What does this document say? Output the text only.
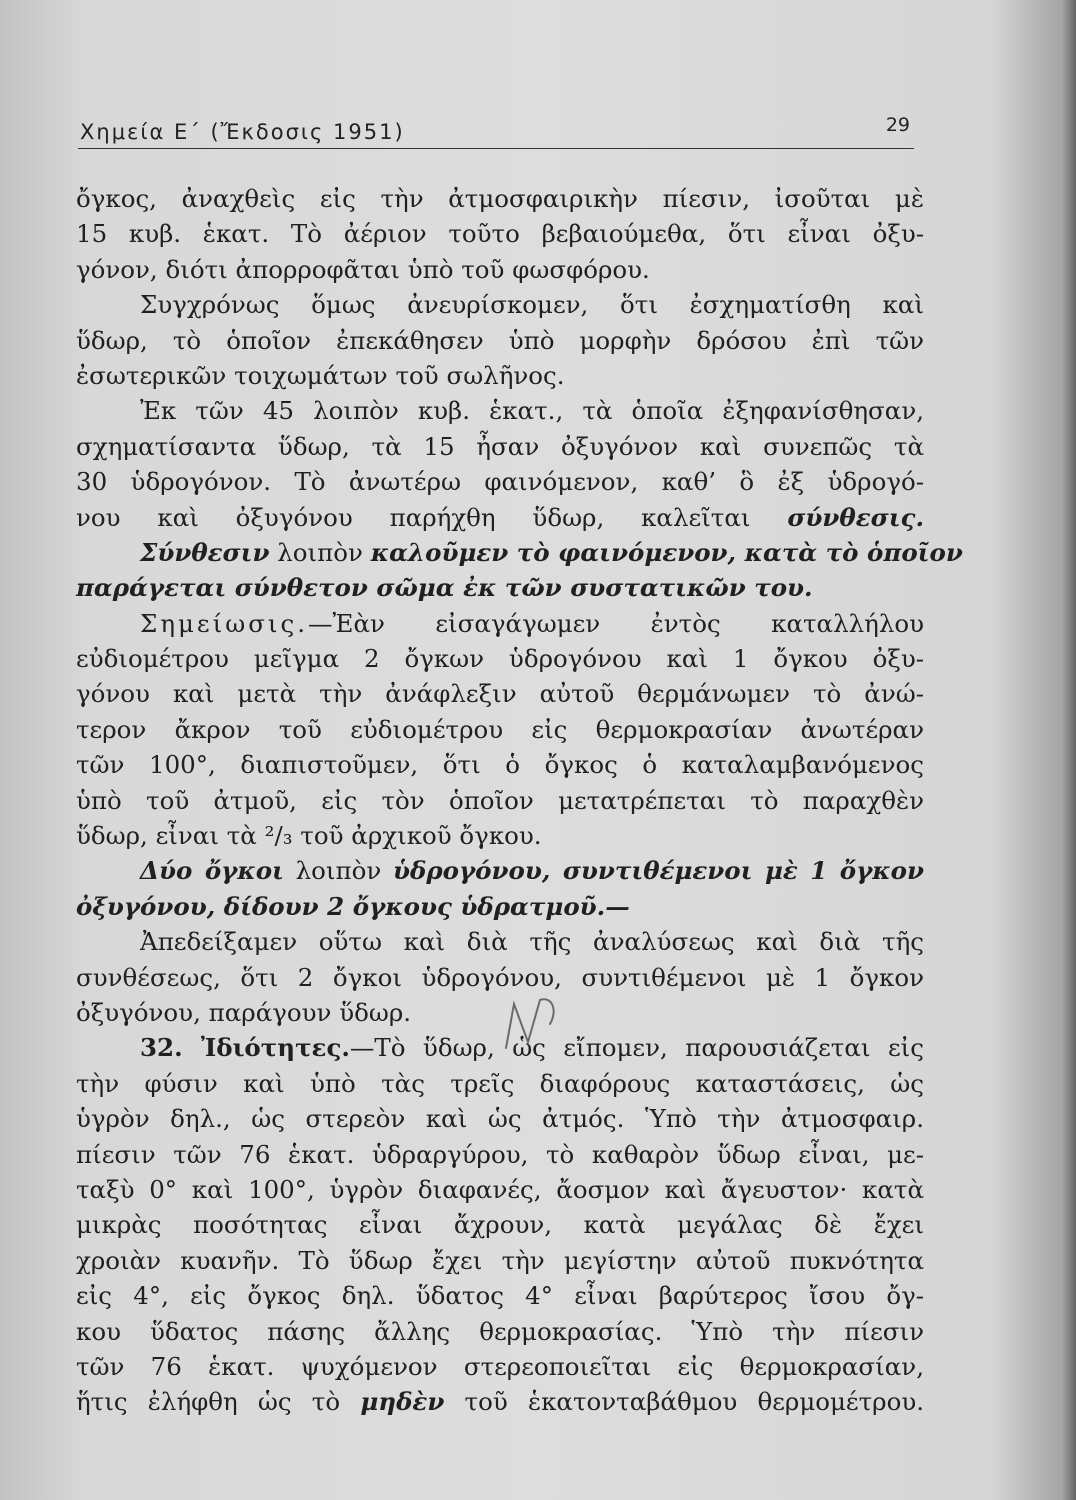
Χημεία Ε΄ (Ἔκδοσις 1951)	29
ὄγκος, ἀναχθεὶς εἰς τὴν ἀτμοσφαιρικὴν πίεσιν, ἰσοῦται μὲ
15 κυβ. ἑκατ. Τὸ ἀέριον τοῦτο βεβαιούμεθα, ὅτι εἶναι ὀξυ-
γόνον, διότι ἀπορροφᾶται ὑπὸ τοῦ φωσφόρου.
Συγχρόνως ὅμως ἀνευρίσκομεν, ὅτι ἐσχηματίσθη καὶ
ὕδωρ, τὸ ὁποῖον ἐπεκάθησεν ὑπὸ μορφὴν δρόσου ἐπὶ τῶν
ἐσωτερικῶν τοιχωμάτων τοῦ σωλῆνος.
Ἐκ τῶν 45 λοιπὸν κυβ. ἑκατ., τὰ ὁποῖα ἐξηφανίσθησαν,
σχηματίσαντα ὕδωρ, τὰ 15 ἦσαν ὀξυγόνον καὶ συνεπῶς τὰ
30 ὑδρογόνον. Τὸ ἀνωτέρω φαινόμενον, καθ’ ὃ ἐξ ὑδρογό-
νου καὶ ὀξυγόνου παρήχθη ὕδωρ, καλεῖται σύνθεσις.
Σύνθεσιν λοιπὸν καλοῦμεν τὸ φαινόμενον, κατὰ τὸ ὁποῖον
παράγεται σύνθετον σῶμα ἐκ τῶν συστατικῶν του.
Σημείωσις.—Ἐὰν εἰσαγάγωμεν ἐντὸς καταλλήλου
εὐδιομέτρου μεῖγμα 2 ὄγκων ὑδρογόνου καὶ 1 ὄγκου ὀξυ-
γόνου καὶ μετὰ τὴν ἀνάφλεξιν αὐτοῦ θερμάνωμεν τὸ ἀνώ-
τερον ἄκρον τοῦ εὐδιομέτρου εἰς θερμοκρασίαν ἀνωτέραν
τῶν 100°, διαπιστοῦμεν, ὅτι ὁ ὄγκος ὁ καταλαμβανόμενος
ὑπὸ τοῦ ἀτμοῦ, εἰς τὸν ὁποῖον μετατρέπεται τὸ παραχθὲν
ὕδωρ, εἶναι τὰ ²/₃ τοῦ ἀρχικοῦ ὄγκου.
Δύο ὄγκοι λοιπὸν ὑδρογόνου, συντιθέμενοι μὲ 1 ὄγκον
ὀξυγόνου, δίδουν 2 ὄγκους ὑδρατμοῦ.—
Ἀπεδείξαμεν οὕτω καὶ διὰ τῆς ἀναλύσεως καὶ διὰ τῆς
συνθέσεως, ὅτι 2 ὄγκοι ὑδρογόνου, συντιθέμενοι μὲ 1 ὄγκον
ὀξυγόνου, παράγουν ὕδωρ.
32. Ἰδιότητες.—Τὸ ὕδωρ, ὡς εἴπομεν, παρουσιάζεται εἰς
τὴν φύσιν καὶ ὑπὸ τὰς τρεῖς διαφόρους καταστάσεις, ὡς
ὑγρὸν δηλ., ὡς στερεὸν καὶ ὡς ἀτμός. Ὑπὸ τὴν ἀτμοσφαιρ.
πίεσιν τῶν 76 ἑκατ. ὑδραργύρου, τὸ καθαρὸν ὕδωρ εἶναι, με-
ταξὺ 0° καὶ 100°, ὑγρὸν διαφανές, ἄοσμον καὶ ἄγευστον· κατὰ
μικρὰς ποσότητας εἶναι ἄχρουν, κατὰ μεγάλας δὲ ἔχει
χροιὰν κυανῆν. Τὸ ὕδωρ ἔχει τὴν μεγίστην αὐτοῦ πυκνότητα
εἰς 4°, εἰς ὄγκος δηλ. ὕδατος 4° εἶναι βαρύτερος ἴσου ὄγ-
κου ὕδατος πάσης ἄλλης θερμοκρασίας. Ὑπὸ τὴν πίεσιν
τῶν 76 ἑκατ. ψυχόμενον στερεοποιεῖται εἰς θερμοκρασίαν,
ἥτις ἐλήφθη ὡς τὸ μηδὲν τοῦ ἑκατονταβάθμου θερμομέτρου.
